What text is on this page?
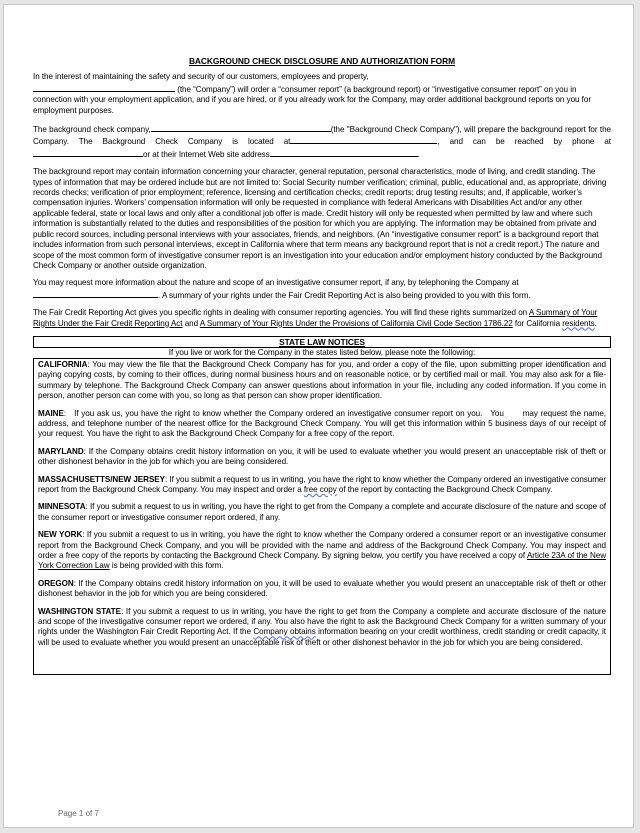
BACKGROUND CHECK DISCLOSURE AND AUTHORIZATION FORM

In the interest of maintaining the safety and security of our customers, employees and property,
(the “Company”) will order a “consumer report” (a background report) or “investigative consumer report” on you in connection with your employment application, and if you are hired, or if you already work for the Company, may order additional background reports on you for employment purposes.

The background check company,	(the "Background Check Company"), will prepare the background report for the Company. The Background Check Company is located at	, and can be reached by phone ator at their Internet Web site address	.

The background report may contain information concerning your character, general reputation, personal characteristics, mode of living, and credit standing. The types of information that may be ordered include but are not limited to: Social Security number verification; criminal, public, educational and, as appropriate, driving records checks; verification of prior employment; reference, licensing and certification checks; credit reports; drug testing results; and, if applicable, worker’s compensation injuries. Workers’ compensation information will only be requested in compliance with federal Americans with Disabilities Act and/or any other applicable federal, state or local laws and only after a conditional job offer is made. Credit history will only be requested when permitted by law and where such information is substantially related to the duties and responsibilities of the position for which you are applying. The information may be obtained from private and public record sources, including personal interviews with your associates, friends, and neighbors. (An “investigative consumer report” is a background report that includes information from such personal interviews, except in California where that term means any background report that is not a credit report.) The nature and scope of the most common form of investigative consumer report is an investigation into your education and/or employment history conducted by the Background Check Company or another outside organization.

You may request more information about the nature and scope of an investigative consumer report, if any, by telephoning the Company at
. A summary of your rights under the Fair Credit Reporting Act is also being provided to you with this form.

The Fair Credit Reporting Act gives you specific rights in dealing with consumer reporting agencies. You will find these rights summarized on A Summary of Your Rights Under the Fair Credit Reporting Act and A Summary of Your Rights Under the Provisions of California Civil Code Section 1786.22 for California residents.

STATE LAW NOTICES
If you live or work for the Company in the states listed below, please note the following:
CALIFORNIA: You may view the file that the Background Check Company has for you, and order a copy of the file, upon submitting proper identification and paying copying costs, by coming to their offices, during normal business hours and on reasonable notice, or by certified mail or mail. You may also ask for a file-summary by telephone. The Background Check Company can answer questions about information in your file, including any coded information. If you come in person, another person can come with you, so long as that person can show proper identification.
MAINE:   If you ask us, you have the right to know whether the Company ordered an investigative consumer report on you.   You       may request the name, address, and telephone number of the nearest office for the Background Check Company. You will get this information within 5 business days of our receipt of your request. You have the right to ask the Background Check Company for a free copy of the report.
MARYLAND: If the Company obtains credit history information on you, it will be used to evaluate whether you would present an unacceptable risk of theft or other dishonest behavior in the job for which you are being considered.
MASSACHUSETTS/NEW JERSEY: If you submit a request to us in writing, you have the right to know whether the Company ordered an investigative consumer report from the Background Check Company. You may inspect and order a free copy of the report by contacting the Background Check Company.
MINNESOTA: If you submit a request to us in writing, you have the right to get from the Company a complete and accurate disclosure of the nature and scope of the consumer report or investigative consumer report ordered, if any.
NEW YORK: If you submit a request to us in writing, you have the right to know whether the Company ordered a consumer report or an investigative consumer report from the Background Check Company, and you will be provided with the name and address of the Background Check Company. You may inspect and order a free copy of the reports by contacting the Background Check Company. By signing below, you certify you have received a copy of Article 23A of the New York Correction Law is being provided with this form.
OREGON: If the Company obtains credit history information on you, it will be used to evaluate whether you would present an unacceptable risk of theft or other dishonest behavior in the job for which you are being considered.
WASHINGTON STATE: If you submit a request to us in writing, you have the right to get from the Company a complete and accurate disclosure of the nature and scope of the investigative consumer report we ordered, if any. You also have the right to ask the Background Check Company for a written summary of your rights under the Washington Fair Credit Reporting Act. If the Company obtains information bearing on your credit worthiness, credit standing or credit capacity, it will be used to evaluate whether you would present an unacceptable risk of theft or other dishonest behavior in the job for which you are being considered.
Page 1 of 7
